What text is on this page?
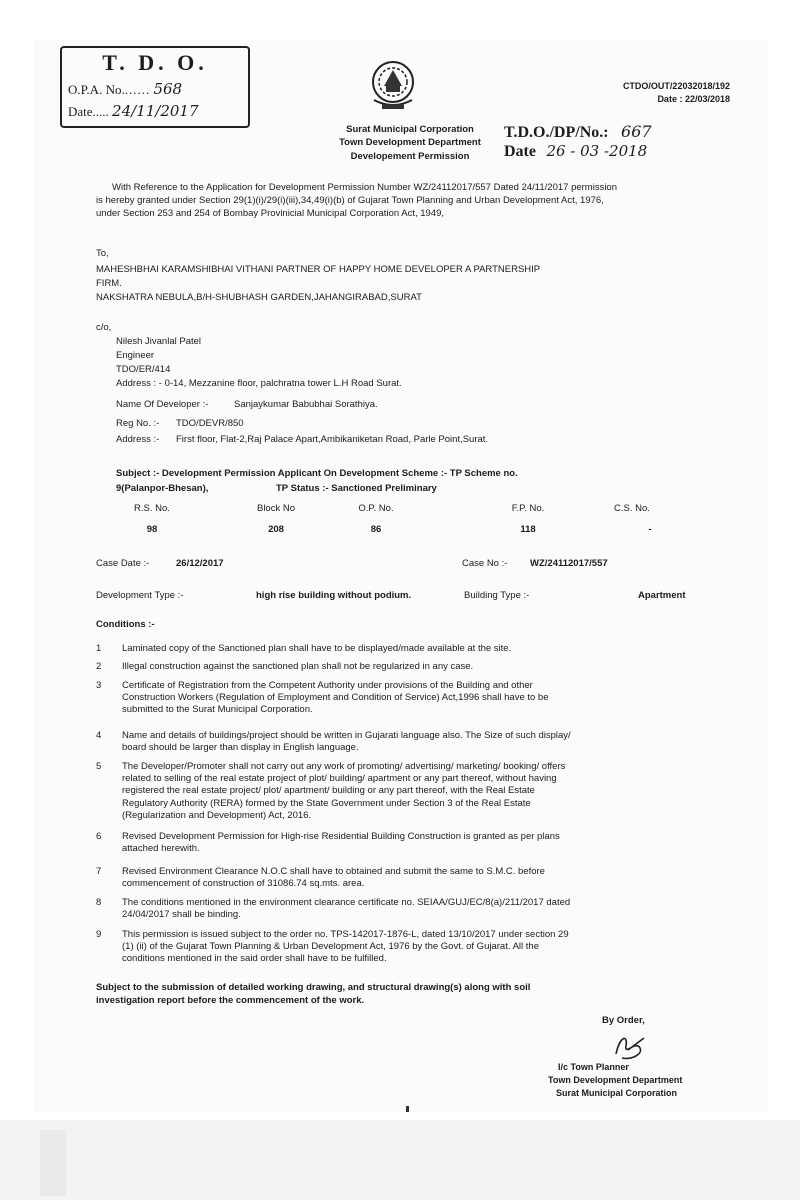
T. D. O.
O.P.A. No....... 568
Date..... 24/11/2017
CTDO/OUT/22032018/192
Date : 22/03/2018
Surat Municipal Corporation
Town Development Department
Developement Permission
T.D.O./DP/No.: 667
Date 26 - 03 -2018
With Reference to the Application for Development Permission Number WZ/24112017/557 Dated 24/11/2017 permission
is hereby granted under Section 29(1)(i)/29(i)(iii),34,49(i)(b) of Gujarat Town Planning and Urban Development Act, 1976,
under Section 253 and 254 of Bombay Provinicial Municipal Corporation Act, 1949,
To,
MAHESHBHAI KARAMSHIBHAI VITHANI PARTNER OF HAPPY HOME DEVELOPER A PARTNERSHIP
FIRM.
NAKSHATRA NEBULA,B/H-SHUBHASH GARDEN,JAHANGIRABAD,SURAT
c/o,
Nilesh Jivanlal Patel
Engineer
TDO/ER/414
Address : - 0-14, Mezzanine floor, palchratna tower L.H Road Surat.
Name Of Developer :-	Sanjaykumar Babubhai Sorathiya.
Reg No. :- TDO/DEVR/850
Address :- First floor, Flat-2,Raj Palace Apart,Ambikaniketan Road, Parle Point,Surat.
Subject :- Development Permission Applicant On Development Scheme :- TP Scheme no.
9(Palanpor-Bhesan),	TP Status :- Sanctioned Preliminary
R.S. No.	Block No	O.P. No.	F.P. No.	C.S. No.
98	208	86	118	-
Case Date :-	26/12/2017	Case No :- WZ/24112017/557
Development Type :-	high rise building without podium.	Building Type :-	Apartment
Conditions :-
1	Laminated copy of the Sanctioned plan shall have to be displayed/made available at the site.
2	Illegal construction against the sanctioned plan shall not be regularized in any case.
3	Certificate of Registration from the Competent Authority under provisions of the Building and other
Construction Workers (Regulation of Employment and Condition of Service) Act,1996 shall have to be
submitted to the Surat Municipal Corporation.
4	Name and details of buildings/project should be written in Gujarati language also. The Size of such display/
board should be larger than display in English language.
5	The Developer/Promoter shall not carry out any work of promoting/ advertising/ marketing/ booking/ offers
related to selling of the real estate project of plot/ building/ apartment or any part thereof, without having
registered the real estate project/ plot/ apartment/ building or any part thereof, with the Real Estate
Regulatory Authority (RERA) formed by the State Government under Section 3 of the Real Estate
(Regularization and Development) Act, 2016.
6	Revised Development Permission for High-rise Residential Building Construction is granted as per plans
attached herewith.
7	Revised Environment Clearance N.O.C shall have to obtained and submit the same to S.M.C. before
commencement of construction of 31086.74 sq.mts. area.
8	The conditions mentioned in the environment clearance certificate no. SEIAA/GUJ/EC/8(a)/211/2017 dated
24/04/2017 shall be binding.
9	This permission is issued subject to the order no. TPS-142017-1876-L, dated 13/10/2017 under section 29
(1) (ii) of the Gujarat Town Planning & Urban Development Act, 1976 by the Govt. of Gujarat. All the
conditions mentioned in the said order shall have to be fulfilled.
Subject to the submission of detailed working drawing, and structural drawing(s) along with soil
investigation report before the commencement of the work.
By Order,
I/c Town Planner
Town Development Department
Surat Municipal Corporation
